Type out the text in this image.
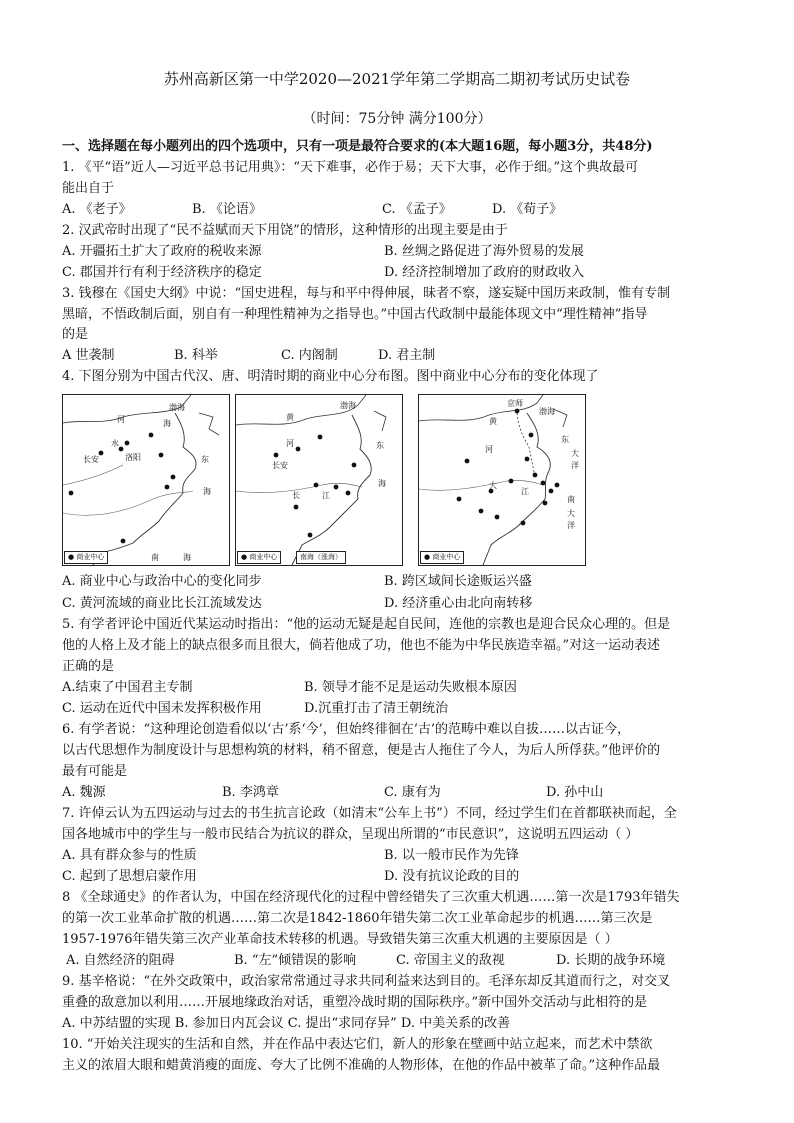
苏州高新区第一中学2020—2021学年第二学期高二期初考试历史试卷
（时间：75分钟 满分100分）
一、选择题在每小题列出的四个选项中，只有一项是最符合要求的(本大题16题，每小题3分，共48分)
1. 《平“语”近人—习近平总书记用典》：“天下难事，必作于易；天下大事，必作于细。”这个典故最可
能出自于
A. 《老子》	B. 《论语》	C. 《孟子》	D. 《荀子》
2. 汉武帝时出现了“民不益赋而天下用饶”的情形，这种情形的出现主要是由于
A. 开疆拓土扩大了政府的税收来源	B. 丝绸之路促进了海外贸易的发展
C. 郡国并行有利于经济秩序的稳定	D. 经济控制增加了政府的财政收入
3. 钱穆在《国史大纲》中说：“国史进程，每与和平中得伸展，昧者不察，遂妄疑中国历来政制，惟有专制
黑暗，不悟政制后面，别自有一种理性精神为之指导也。”中国古代政制中最能体现文中“理性精神”指导
的是
A 世袭制	B. 科举	C. 内阁制	D. 君主制
4. 下图分别为中国古代汉、唐、明清时期的商业中心分布图。图中商业中心分布的变化体现了
渤海
河	海
水
长安	洛阳	东
海
南	海
● 商业中心
渤海
黄
河
长安
长	江
东
海
● 商业中心	南海（涨海）
京师
渤海
黄
河
东
大
洋
大
江
南
大
洋
● 商业中心
A. 商业中心与政治中心的变化同步	B. 跨区域间长途贩运兴盛
C. 黄河流域的商业比长江流域发达	D. 经济重心由北向南转移
5. 有学者评论中国近代某运动时指出：“他的运动无疑是起自民间，连他的宗教也是迎合民众心理的。但是
他的人格上及才能上的缺点很多而且很大，倘若他成了功，他也不能为中华民族造幸福。”对这一运动表述
正确的是
A.结束了中国君主专制	B. 领导才能不足是运动失败根本原因
C. 运动在近代中国未发挥积极作用	D.沉重打击了清王朝统治
6. 有学者说：“这种理论创造看似以‘古’系‘今’，但始终徘徊在‘古’的范畴中难以自拔……以古证今，
以古代思想作为制度设计与思想构筑的材料，稍不留意，便是古人拖住了今人，为后人所俘获。”他评价的
最有可能是
A. 魏源	B. 李鸿章	C. 康有为	D. 孙中山
7. 许倬云认为五四运动与过去的书生抗言论政（如清末“公车上书”）不同，经过学生们在首都联袂而起，全
国各地城市中的学生与一般市民结合为抗议的群众，呈现出所谓的“市民意识”，这说明五四运动（ ）
A. 具有群众参与的性质	B. 以一般市民作为先锋
C. 起到了思想启蒙作用	D. 没有抗议论政的目的
8 《全球通史》的作者认为，中国在经济现代化的过程中曾经错失了三次重大机遇……第一次是1793年错失
的第一次工业革命扩散的机遇……第二次是1842-1860年错失第二次工业革命起步的机遇……第三次是
1957-1976年错失第三次产业革命技术转移的机遇。导致错失第三次重大机遇的主要原因是（ ）
A. 自然经济的阻碍	B. “左”倾错误的影响	C. 帝国主义的敌视	D. 长期的战争环境
9. 基辛格说：“在外交政策中，政治家常常通过寻求共同利益来达到目的。毛泽东却反其道而行之，对交叉
重叠的敌意加以利用……开展地缘政治对话，重塑冷战时期的国际秩序。”新中国外交活动与此相符的是
A. 中苏结盟的实现 B. 参加日内瓦会议 C. 提出“求同存异” D. 中美关系的改善
10. “开始关注现实的生活和自然，并在作品中表达它们，新人的形象在壁画中站立起来，而艺术中禁欲
主义的浓眉大眼和蜡黄消瘦的面庞、夸大了比例不准确的人物形体，在他的作品中被革了命。”这种作品最
